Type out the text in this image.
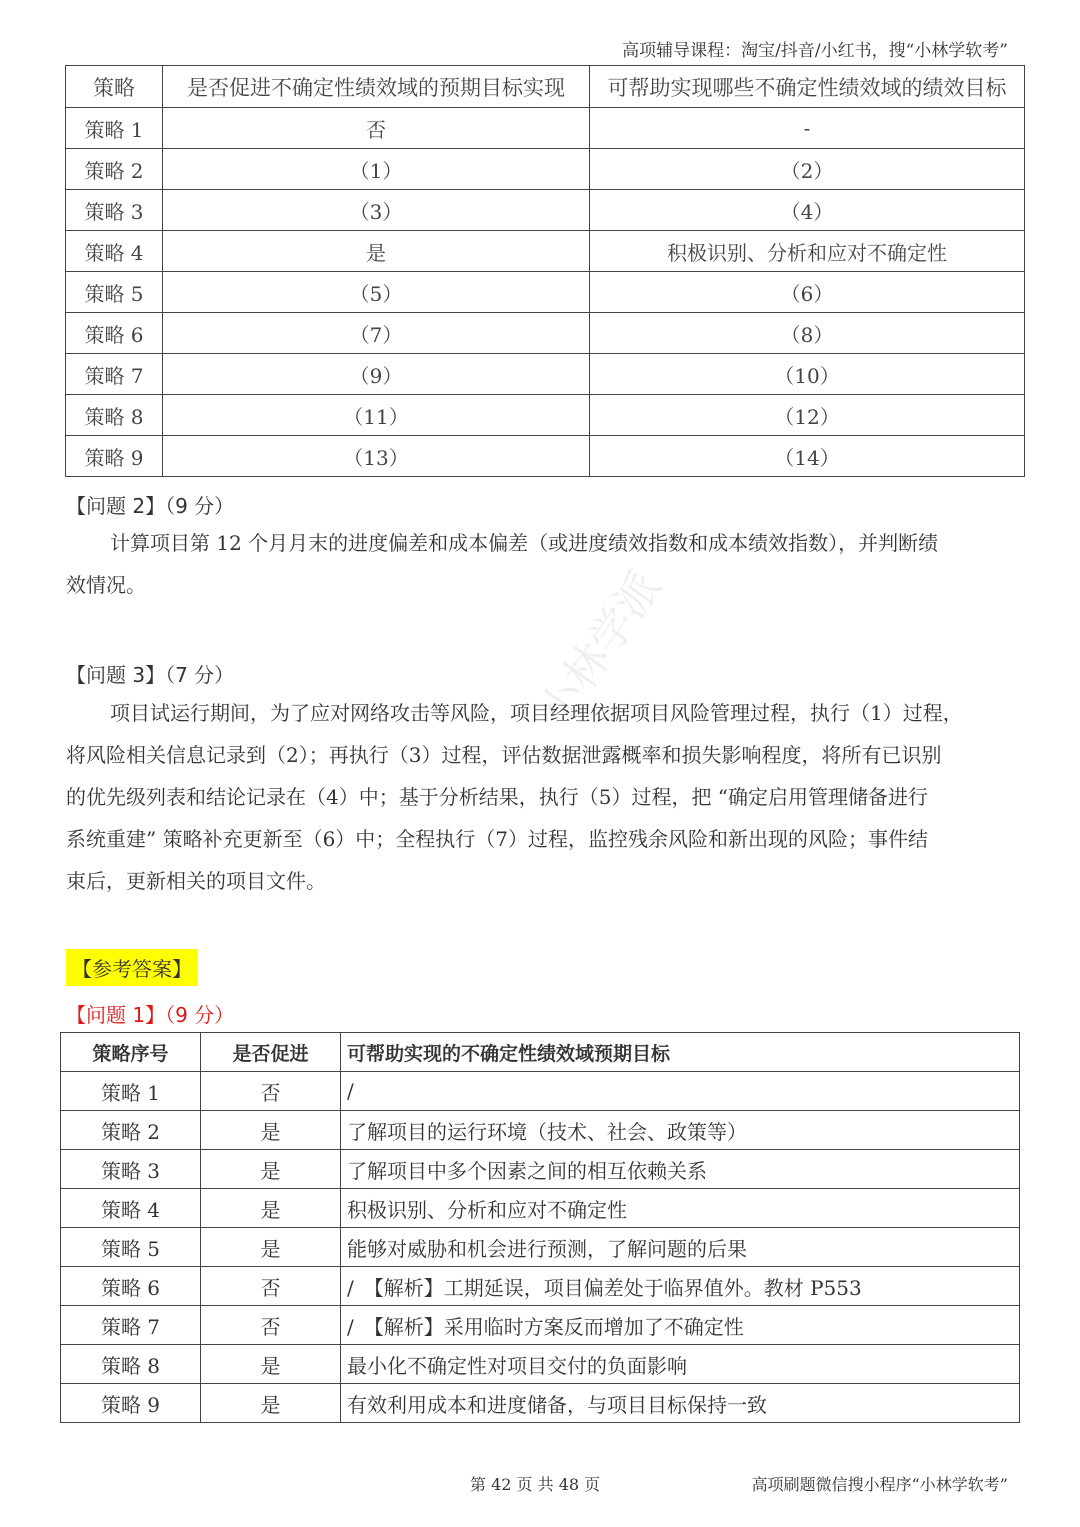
高项辅导课程：淘宝/抖音/小红书，搜“小林学软考”
策略	是否促进不确定性绩效域的预期目标实现	可帮助实现哪些不确定性绩效域的绩效目标
策略 1	否	-
策略 2	（1）	（2）
策略 3	（3）	（4）
策略 4	是	积极识别、分析和应对不确定性
策略 5	（5）	（6）
策略 6	（7）	（8）
策略 7	（9）	（10）
策略 8	（11）	（12）
策略 9	（13）	（14）
【问题 2】（9 分）
计算项目第 12 个月月末的进度偏差和成本偏差（或进度绩效指数和成本绩效指数），并判断绩
效情况。
【问题 3】（7 分）
项目试运行期间，为了应对网络攻击等风险，项目经理依据项目风险管理过程，执行（1）过程，
将风险相关信息记录到（2）；再执行（3）过程，评估数据泄露概率和损失影响程度，将所有已识别
的优先级列表和结论记录在（4）中；基于分析结果，执行（5）过程，把 “确定启用管理储备进行
系统重建” 策略补充更新至（6）中；全程执行（7）过程，监控残余风险和新出现的风险；事件结
束后，更新相关的项目文件。
【参考答案】
【问题 1】（9 分）
策略序号	是否促进	可帮助实现的不确定性绩效域预期目标
策略 1	否	/
策略 2	是	了解项目的运行环境（技术、社会、政策等）
策略 3	是	了解项目中多个因素之间的相互依赖关系
策略 4	是	积极识别、分析和应对不确定性
策略 5	是	能够对威胁和机会进行预测，了解问题的后果
策略 6	否	/　【解析】工期延误，项目偏差处于临界值外。教材 P553
策略 7	否	/　【解析】采用临时方案反而增加了不确定性
策略 8	是	最小化不确定性对项目交付的负面影响
策略 9	是	有效利用成本和进度储备，与项目目标保持一致
第 42 页 共 48 页	高项刷题微信搜小程序“小林学软考”
小林学派
